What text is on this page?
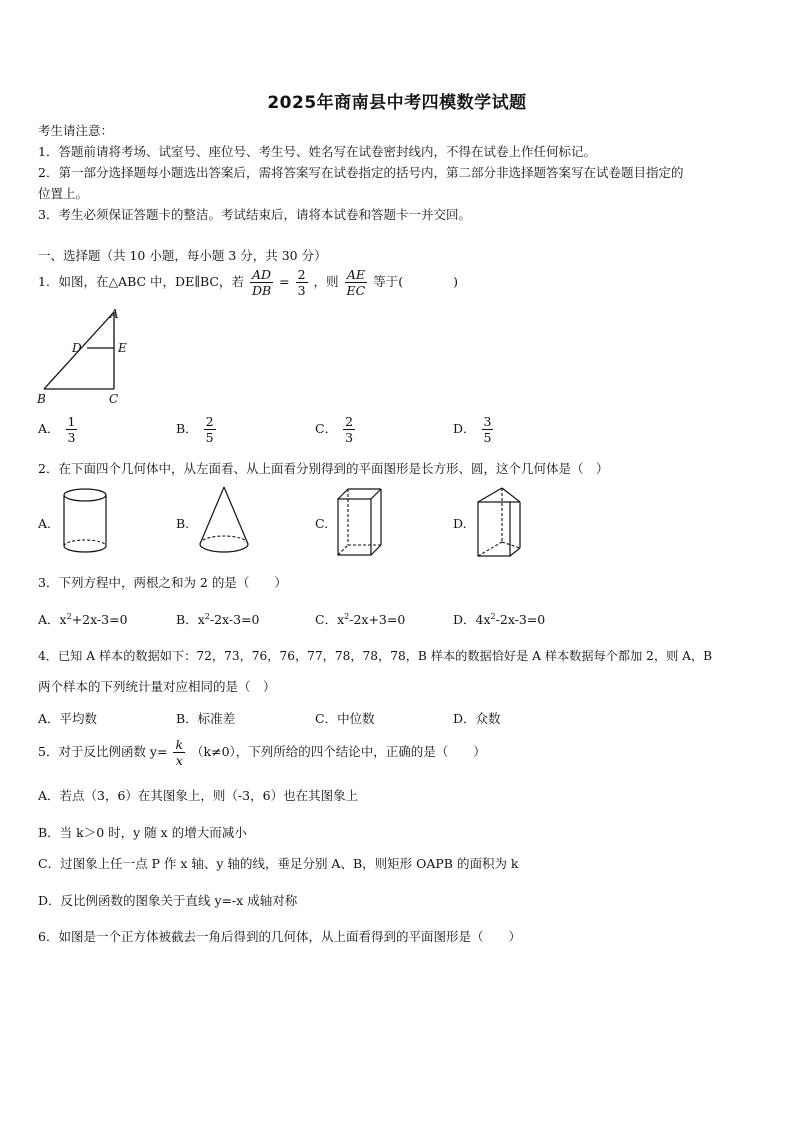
2025年商南县中考四模数学试题
考生请注意：
1．答题前请将考场、试室号、座位号、考生号、姓名写在试卷密封线内，不得在试卷上作任何标记。
2．第一部分选择题每小题选出答案后，需将答案写在试卷指定的括号内，第二部分非选择题答案写在试卷题目指定的
位置上。
3．考生必须保证答题卡的整洁。考试结束后，请将本试卷和答题卡一并交回。
一、选择题（共 10 小题，每小题 3 分，共 30 分）
1．如图，在△ABC 中，DE∥BC，若 $\frac{AD}{DB} = \frac{2}{3}$ ，则 $\frac{AE}{EC}$ 等于(　　　　)
A
D	E
B	C
A． $\frac{1}{3}$	B． $\frac{2}{5}$	C． $\frac{2}{3}$	D． $\frac{3}{5}$
2．在下面四个几何体中，从左面看、从上面看分别得到的平面图形是长方形、圆，这个几何体是（　）
A.	B.	C.	D.
3．下列方程中，两根之和为 2 的是（　　）
A．$x^2+2x-3=0$	B．$x^2-2x-3=0$	C．$x^2-2x+3=0$	D．$4x^2-2x-3=0$
4．已知 A 样本的数据如下：72，73，76，76，77，78，78，78，B 样本的数据恰好是 A 样本数据每个都加 2，则 A，B
两个样本的下列统计量对应相同的是（　）
A．平均数	B．标准差	C．中位数	D．众数
5．对于反比例函数 $y= \frac{k}{x} (k\ne 0)$，下列所给的四个结论中，正确的是（　　）
A．若点（3，6）在其图象上，则（-3，6）也在其图象上
B．当 k＞0 时，y 随 x 的增大而减小
C．过图象上任一点 P 作 x 轴、y 轴的线，垂足分别 A、B，则矩形 OAPB 的面积为 k
D．反比例函数的图象关于直线 y=-x 成轴对称
6．如图是一个正方体被截去一角后得到的几何体，从上面看得到的平面图形是（　　）
